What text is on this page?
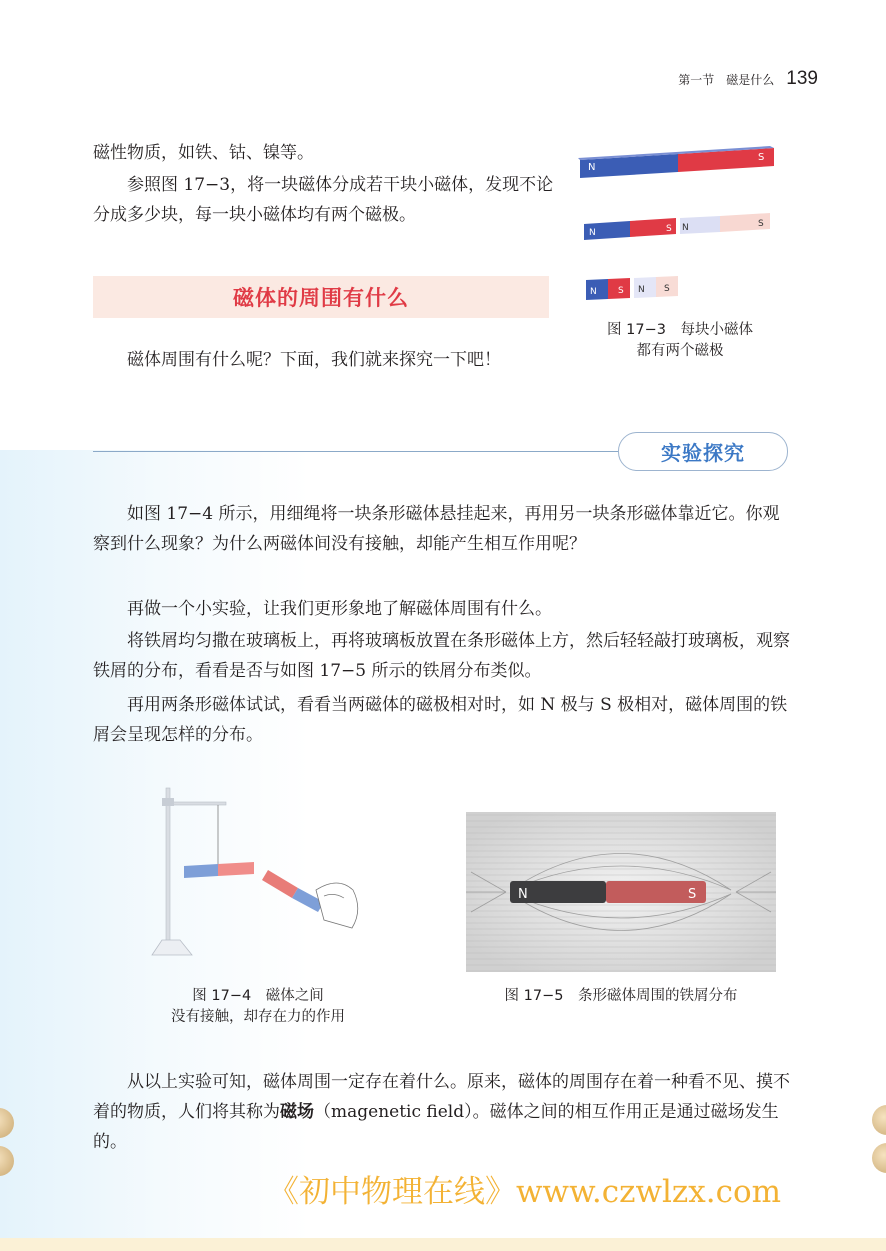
第一节　磁是什么 139
磁性物质，如铁、钴、镍等。
参照图 17−3，将一块磁体分成若干块小磁体，发现不论分成多少块，每一块小磁体均有两个磁极。
N
S
N	S N	S
N S N S
图 17−3　每块小磁体
都有两个磁极
磁体的周围有什么
磁体周围有什么呢？下面，我们就来探究一下吧！
实验探究
如图 17−4 所示，用细绳将一块条形磁体悬挂起来，再用另一块条形磁体靠近它。你观察到什么现象？为什么两磁体间没有接触，却能产生相互作用呢？
再做一个小实验，让我们更形象地了解磁体周围有什么。
将铁屑均匀撒在玻璃板上，再将玻璃板放置在条形磁体上方，然后轻轻敲打玻璃板，观察铁屑的分布，看看是否与如图 17−5 所示的铁屑分布类似。
再用两条形磁体试试，看看当两磁体的磁极相对时，如 N 极与 S 极相对，磁体周围的铁屑会呈现怎样的分布。
图 17−4　磁体之间
没有接触，却存在力的作用
N	S
图 17−5　条形磁体周围的铁屑分布
从以上实验可知，磁体周围一定存在着什么。原来，磁体的周围存在着一种看不见、摸不着的物质，人们将其称为磁场（magenetic field）。磁体之间的相互作用正是通过磁场发生的。
《初中物理在线》www.czwlzx.com
